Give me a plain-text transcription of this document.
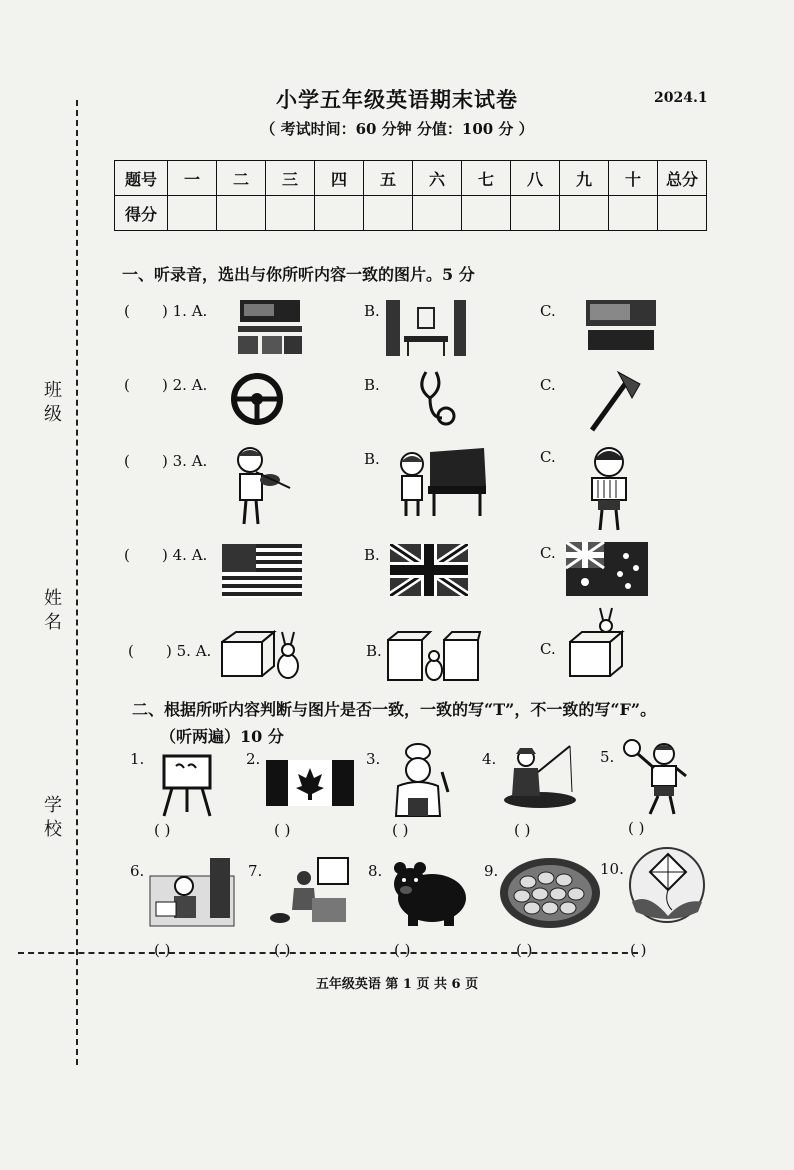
班级
姓名
学校
小学五年级英语期末试卷	2024.1
（ 考试时间：60 分钟 分值：100 分 ）
题号	一	二	三	四	五	六	七	八	九	十	总分
得分											
一、听录音，选出与你所听内容一致的图片。5 分
( ) 1. A.	B.	C.
( ) 2. A.	B.	C.
( ) 3. A.	B.	C.
( ) 4. A.	B.	C.
( ) 5. A.	B.	C.
二、根据所听内容判断与图片是否一致，一致的写“T”，不一致的写“F”。
（听两遍）10 分
1.
( )
2.
( )
3.
( )
4.
( )
5.
( )
6.
( )
7.
( )
8.
( )
9.
( )
10.
( )
五年级英语 第 1 页 共 6 页
